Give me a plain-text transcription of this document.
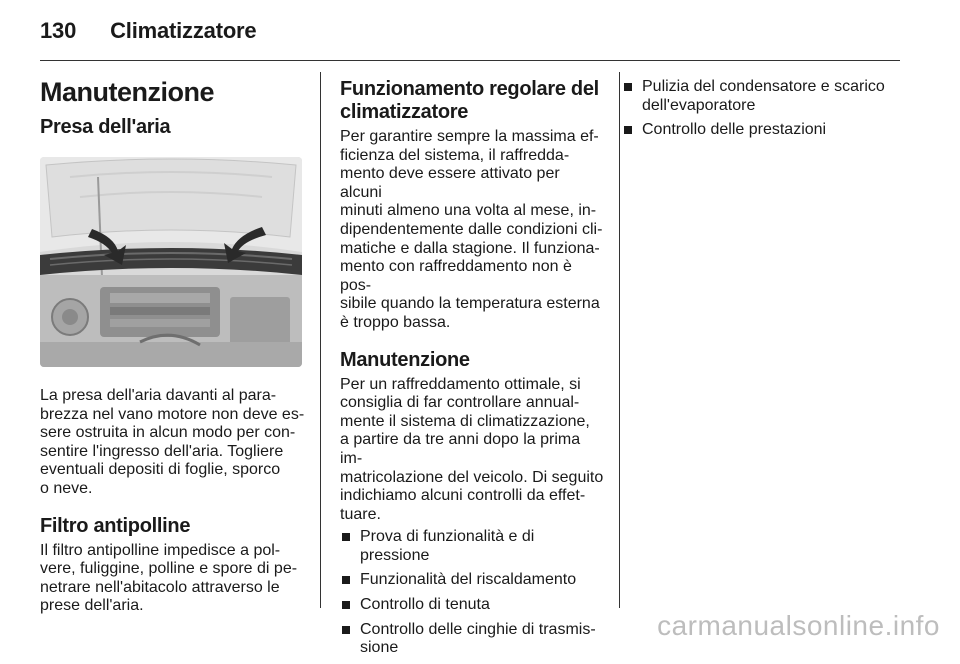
130 Climatizzatore
Manutenzione
Presa dell'aria

La presa dell'aria davanti al para-
brezza nel vano motore non deve es-
sere ostruita in alcun modo per con-
sentire l'ingresso dell'aria. Togliere
eventuali depositi di foglie, sporco
o neve.

Filtro antipolline

Il filtro antipolline impedisce a pol-
vere, fuliggine, polline e spore di pe-
netrare nell'abitacolo attraverso le
prese dell'aria.

Funzionamento regolare del climatizzatore

Per garantire sempre la massima ef-
ficienza del sistema, il raffredda-
mento deve essere attivato per alcuni
minuti almeno una volta al mese, in-
dipendentemente dalle condizioni cli-
matiche e dalla stagione. Il funziona-
mento con raffreddamento non è pos-
sibile quando la temperatura esterna
è troppo bassa.

Manutenzione

Per un raffreddamento ottimale, si
consiglia di far controllare annual-
mente il sistema di climatizzazione,
a partire da tre anni dopo la prima im-
matricolazione del veicolo. Di seguito
indichiamo alcuni controlli da effet-
tuare.

Prova di funzionalità e di pressione
Funzionalità del riscaldamento
Controllo di tenuta
Controllo delle cinghie di trasmis-
sione
Pulizia del condensatore e scarico
dell'evaporatore
Controllo delle prestazioni
carmanualsonline.info
